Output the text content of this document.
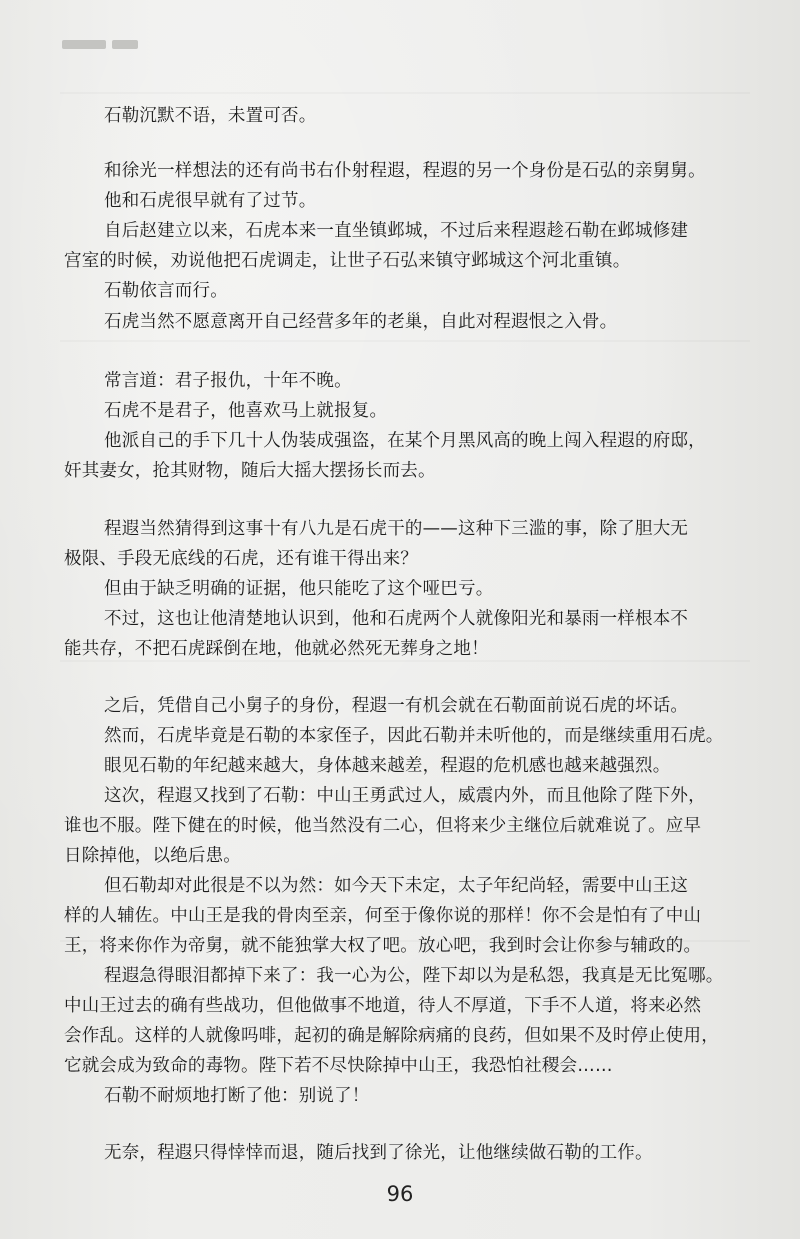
石勒沉默不语，未置可否。
和徐光一样想法的还有尚书右仆射程遐，程遐的另一个身份是石弘的亲舅舅。
他和石虎很早就有了过节。
自后赵建立以来，石虎本来一直坐镇邺城，不过后来程遐趁石勒在邺城修建
宫室的时候，劝说他把石虎调走，让世子石弘来镇守邺城这个河北重镇。
石勒依言而行。
石虎当然不愿意离开自己经营多年的老巢，自此对程遐恨之入骨。
常言道：君子报仇，十年不晚。
石虎不是君子，他喜欢马上就报复。
他派自己的手下几十人伪装成强盗，在某个月黑风高的晚上闯入程遐的府邸，
奸其妻女，抢其财物，随后大摇大摆扬长而去。
程遐当然猜得到这事十有八九是石虎干的——这种下三滥的事，除了胆大无
极限、手段无底线的石虎，还有谁干得出来？
但由于缺乏明确的证据，他只能吃了这个哑巴亏。
不过，这也让他清楚地认识到，他和石虎两个人就像阳光和暴雨一样根本不
能共存，不把石虎踩倒在地，他就必然死无葬身之地！
之后，凭借自己小舅子的身份，程遐一有机会就在石勒面前说石虎的坏话。
然而，石虎毕竟是石勒的本家侄子，因此石勒并未听他的，而是继续重用石虎。
眼见石勒的年纪越来越大，身体越来越差，程遐的危机感也越来越强烈。
这次，程遐又找到了石勒：中山王勇武过人，威震内外，而且他除了陛下外，
谁也不服。陛下健在的时候，他当然没有二心，但将来少主继位后就难说了。应早
日除掉他，以绝后患。
但石勒却对此很是不以为然：如今天下未定，太子年纪尚轻，需要中山王这
样的人辅佐。中山王是我的骨肉至亲，何至于像你说的那样！你不会是怕有了中山
王，将来你作为帝舅，就不能独掌大权了吧。放心吧，我到时会让你参与辅政的。
程遐急得眼泪都掉下来了：我一心为公，陛下却以为是私怨，我真是无比冤哪。
中山王过去的确有些战功，但他做事不地道，待人不厚道，下手不人道，将来必然
会作乱。这样的人就像吗啡，起初的确是解除病痛的良药，但如果不及时停止使用，
它就会成为致命的毒物。陛下若不尽快除掉中山王，我恐怕社稷会……
石勒不耐烦地打断了他：别说了！
无奈，程遐只得悻悻而退，随后找到了徐光，让他继续做石勒的工作。
96
